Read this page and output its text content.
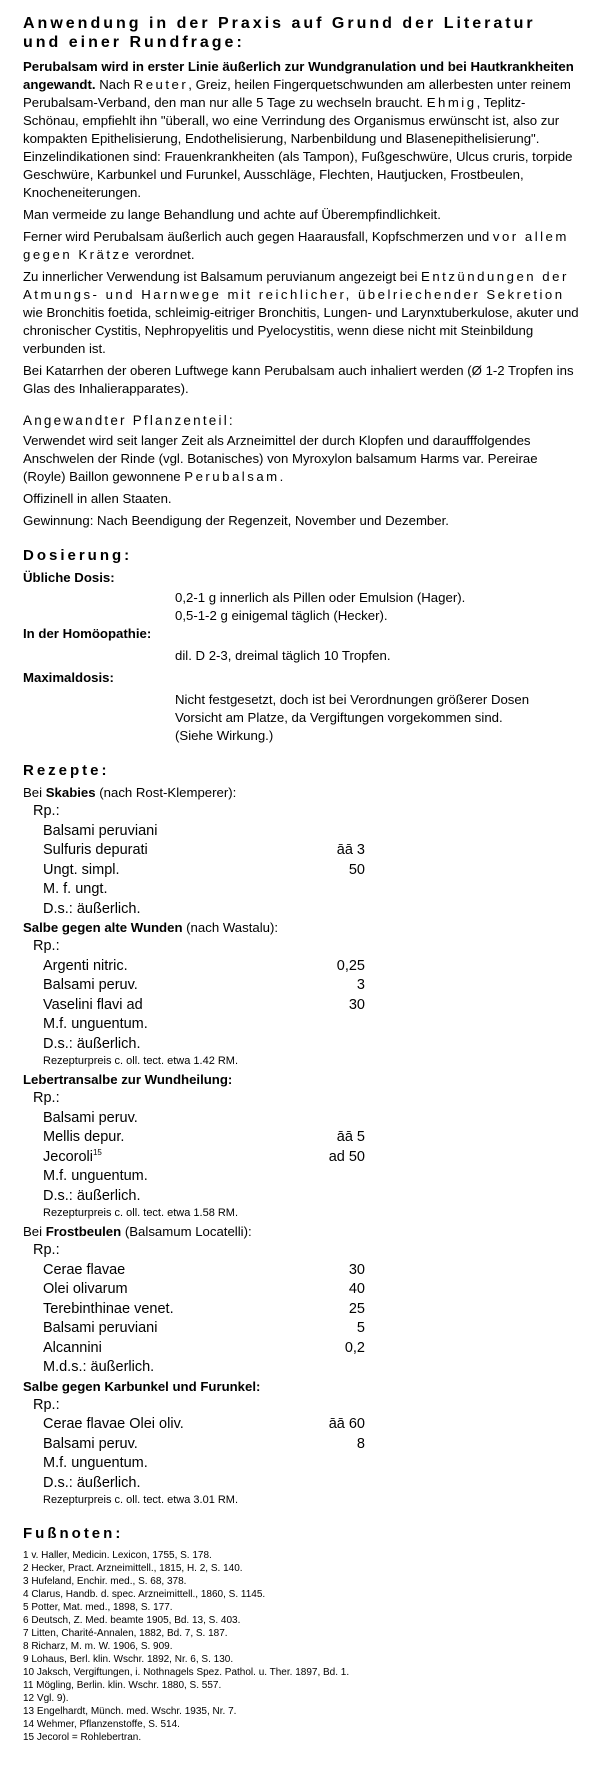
Anwendung in der Praxis auf Grund der Literatur und einer Rundfrage:

Perubalsam wird in erster Linie äußerlich zur Wundgranulation und bei Hautkrankheiten angewandt. Nach Reuter, Greiz, heilen Fingerquetschwunden am allerbesten unter reinem Perubalsam-Verband, den man nur alle 5 Tage zu wechseln braucht. Ehmig, Teplitz-Schönau, empfiehlt ihn "überall, wo eine Verrindung des Organismus erwünscht ist, also zur kompakten Epithelisierung, Endothelisierung, Narbenbildung und Blasenepithelisierung". Einzelindikationen sind: Frauenkrankheiten (als Tampon), Fußgeschwüre, Ulcus cruris, torpide Geschwüre, Karbunkel und Furunkel, Ausschläge, Flechten, Hautjucken, Frostbeulen, Knocheneiterungen.

Man vermeide zu lange Behandlung und achte auf Überempfindlichkeit.

Ferner wird Perubalsam äußerlich auch gegen Haarausfall, Kopfschmerzen und vor allem gegen Krätze verordnet.

Zu innerlicher Verwendung ist Balsamum peruvianum angezeigt bei Entzündungen der Atmungs- und Harnwege mit reichlicher, übelriechender Sekretion wie Bronchitis foetida, schleimig-eitriger Bronchitis, Lungen- und Larynxtuberkulose, akuter und chronischer Cystitis, Nephropyelitis und Pyelocystitis, wenn diese nicht mit Steinbildung verbunden ist.

Bei Katarrhen der oberen Luftwege kann Perubalsam auch inhaliert werden (Ø 1-2 Tropfen ins Glas des Inhalierapparates).

Angewandter Pflanzenteil:

Verwendet wird seit langer Zeit als Arzneimittel der durch Klopfen und daraufffolgendes Anschwelen der Rinde (vgl. Botanisches) von Myroxylon balsamum Harms var. Pereirae (Royle) Baillon gewonnene Perubalsam.

Offizinell in allen Staaten.

Gewinnung: Nach Beendigung der Regenzeit, November und Dezember.

Dosierung:

Übliche Dosis:

0,2-1 g innerlich als Pillen oder Emulsion (Hager).

0,5-1-2 g einigemal täglich (Hecker).

In der Homöopathie:

dil. D 2-3, dreimal täglich 10 Tropfen.

Maximaldosis:

Nicht festgesetzt, doch ist bei Verordnungen größerer Dosen

Vorsicht am Platze, da Vergiftungen vorgekommen sind.

(Siehe Wirkung.)

Rezepte:

Bei Skabies (nach Rost-Klemperer):

Rp.:
Balsami peruviani
Sulfuris depurati	āā 3
Ungt. simpl.	50
M. f. ungt.
D.s.: äußerlich.

Salbe gegen alte Wunden (nach Wastalu):

Rp.:
Argenti nitric.	0,25
Balsami peruv.	3
Vaselini flavi ad	30
M.f. unguentum.
D.s.: äußerlich.
Rezepturpreis c. oll. tect. etwa 1.42 RM.

Lebertransalbe zur Wundheilung:

Rp.:
Balsami peruv.
Mellis depur.	āā 5
Jecoroli$^{15}$	ad 50
M.f. unguentum.
D.s.: äußerlich.
Rezepturpreis c. oll. tect. etwa 1.58 RM.

Bei Frostbeulen (Balsamum Locatelli):

Rp.:
Cerae flavae	30
Olei olivarum	40
Terebinthinae venet.	25
Balsami peruviani	5
Alcannini	0,2
M.d.s.: äußerlich.

Salbe gegen Karbunkel und Furunkel:

Rp.:
Cerae flavae Olei oliv.	āā 60
Balsami peruv.	8
M.f. unguentum.
D.s.: äußerlich.
Rezepturpreis c. oll. tect. etwa 3.01 RM.
Fußnoten:

1 v. Haller, Medicin. Lexicon, 1755, S. 178.

2 Hecker, Pract. Arzneimittell., 1815, H. 2, S. 140.

3 Hufeland, Enchir. med., S. 68, 378.

4 Clarus, Handb. d. spec. Arzneimittell., 1860, S. 1145.

5 Potter, Mat. med., 1898, S. 177.

6 Deutsch, Z. Med. beamte 1905, Bd. 13, S. 403.

7 Litten, Charité-Annalen, 1882, Bd. 7, S. 187.

8 Richarz, M. m. W. 1906, S. 909.

9 Lohaus, Berl. klin. Wschr. 1892, Nr. 6, S. 130.

10 Jaksch, Vergiftungen, i. Nothnagels Spez. Pathol. u. Ther. 1897, Bd. 1.

11 Mögling, Berlin. klin. Wschr. 1880, S. 557.

12 Vgl. 9).

13 Engelhardt, Münch. med. Wschr. 1935, Nr. 7.

14 Wehmer, Pflanzenstoffe, S. 514.

15 Jecorol = Rohlebertran.
